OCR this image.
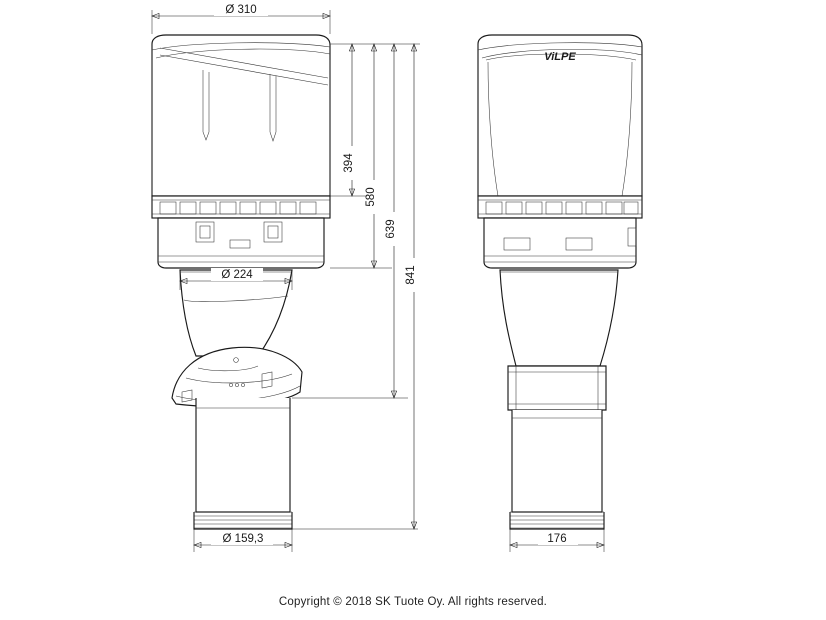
ViLPE
Ø 310
Ø 224
Ø 159,3	176
394
580
639
841
Copyright © 2018 SK Tuote Oy. All rights reserved.
